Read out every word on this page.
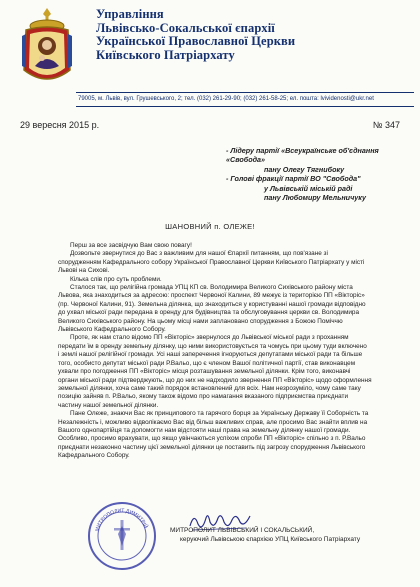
Управління
Львівсько-Сокальської єпархії
Української Православної Церкви
Київського Патріархату
79005, м. Львів, вул. Грушевського, 2; тел. (032) 261-29-90; (032) 261-58-25; ел. пошта: lvividenosti@ukr.net
29 вересня 2015 р.	№ 347
- Лідеру партії «Всеукраїнське об'єднання
«Свобода»
пану Олегу Тягнибоку
- Голові фракції партії ВО "Свобода"
у Львівській міській раді
пану Любомиру Мельничуку
ШАНОВНИЙ п. ОЛЕЖЕ!
Перш за все засвідчую Вам свою повагу!
Дозвольте звернутися до Вас з важливим для нашої Єпархії питанням, що пов'язане зі
спорудженням Кафедрального собору Української Православної Церкви Київського Патріархату у місті
Львові на Сихові.
Кілька слів про суть проблеми.
Сталося так, що релігійна громада УПЦ КП св. Володимира Великого Сихівського району міста
Львова, яка знаходиться за адресою: проспект Червоної Калини, 89 межує із територією ПП «Вікторіс»
(пр. Червоної Калини, 91). Земельна ділянка, що знаходиться у користуванні нашої громади відповідно
до ухвал міської ради передана в оренду для будівництва та обслуговування церкви св. Володимира
Великого Сихівського району. На цьому місці нами заплановано спорудження з Божою Поміччю
Львівського Кафедрального Собору.
Проте, як нам стало відомо ПП «Вікторіс» звернулося до Львівської міської ради з проханням
передати їм в оренду земельну ділянку, що ними використовується та чомусь при цьому туди включено
і землі нашої релігійної громади. Усі наші заперечення ігноруються депутатами міської ради та більше
того, особисто депутат міської ради Р.Вальо, що є членом Вашої політичної партії, став виконавцем
ухвали про погодження ПП «Вікторіс» місця розташування земельної ділянки. Крім того, виконавчі
органи міської ради підтверджують, що до них не надходило звернення ПП «Вікторіс» щодо оформлення
земельної ділянки, хоча саме такий порядок встановлений для всіх. Нам незрозуміло, чому саме таку
позицію зайняв п. Р.Вальо, якому також відомо про намагання вказаного підприємства приєднати
частину нашої земельної ділянки.
Пане Олеже, знаючи Вас як принципового та гарячого борця за Українську Державу її Соборність та
Незалежність і, можливо відволікаємо Вас від більш важливих справ, але просимо Вас знайти вплив на
Вашого однопартійця та допомогти нам відстояти наші права на земельну ділянку нашої громади.
Особливо, просимо врахувати, що якщо увінчаються успіхом спроби ПП «Вікторіс» спільно з п. Р.Вальо
приєднати незаконно частину цієї земельної ділянки це поставить під загрозу спорудження Львівського
Кафедрального Собору.
МИТРОПОЛИТ ДИМИТРІЙ
МИТРОПОЛИТ ЛЬВІВСЬКИЙ І СОКАЛЬСЬКИЙ,
керуючий Львівською єпархією УПЦ Київського Патріархату
